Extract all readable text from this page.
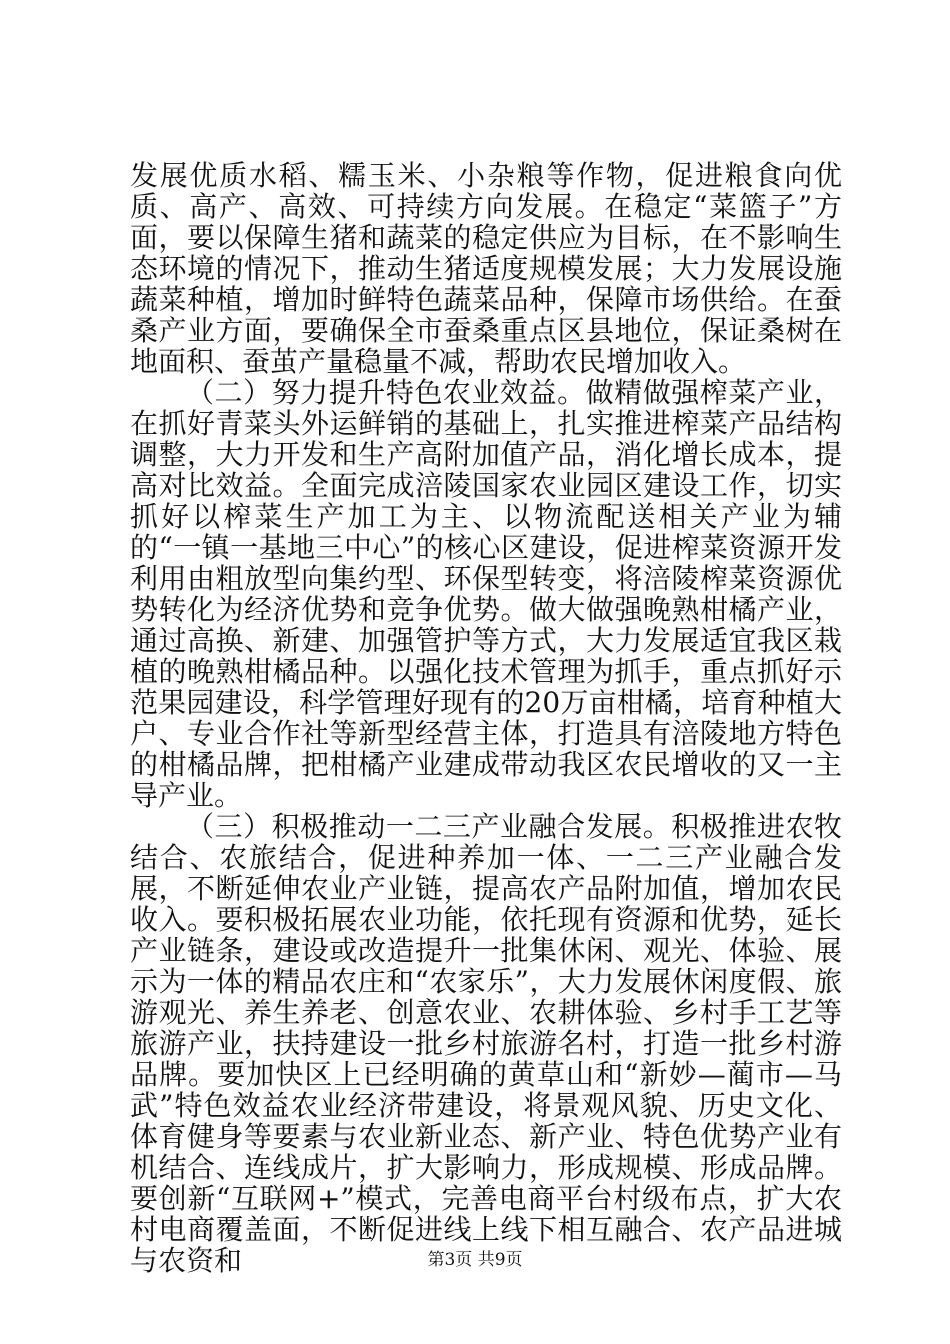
发展优质水稻、糯玉米、小杂粮等作物，促进粮食向优质、高产、高效、可持续方向发展。在稳定“菜篮子”方面，要以保障生猪和蔬菜的稳定供应为目标，在不影响生态环境的情况下，推动生猪适度规模发展；大力发展设施蔬菜种植，增加时鲜特色蔬菜品种，保障市场供给。在蚕桑产业方面，要确保全市蚕桑重点区县地位，保证桑树在地面积、蚕茧产量稳量不减，帮助农民增加收入。

（二）努力提升特色农业效益。做精做强榨菜产业，在抓好青菜头外运鲜销的基础上，扎实推进榨菜产品结构调整，大力开发和生产高附加值产品，消化增长成本，提高对比效益。全面完成涪陵国家农业园区建设工作，切实抓好以榨菜生产加工为主、以物流配送相关产业为辅的“一镇一基地三中心”的核心区建设，促进榨菜资源开发利用由粗放型向集约型、环保型转变，将涪陵榨菜资源优势转化为经济优势和竞争优势。做大做强晚熟柑橘产业，通过高换、新建、加强管护等方式，大力发展适宜我区栽植的晚熟柑橘品种。以强化技术管理为抓手，重点抓好示范果园建设，科学管理好现有的20万亩柑橘，培育种植大户、专业合作社等新型经营主体，打造具有涪陵地方特色的柑橘品牌，把柑橘产业建成带动我区农民增收的又一主导产业。

（三）积极推动一二三产业融合发展。积极推进农牧结合、农旅结合，促进种养加一体、一二三产业融合发展，不断延伸农业产业链，提高农产品附加值，增加农民收入。要积极拓展农业功能，依托现有资源和优势，延长产业链条，建设或改造提升一批集休闲、观光、体验、展示为一体的精品农庄和“农家乐”，大力发展休闲度假、旅游观光、养生养老、创意农业、农耕体验、乡村手工艺等旅游产业，扶持建设一批乡村旅游名村，打造一批乡村游品牌。要加快区上已经明确的黄草山和“新妙—蔺市—马武”特色效益农业经济带建设，将景观风貌、历史文化、体育健身等要素与农业新业态、新产业、特色优势产业有机结合、连线成片，扩大影响力，形成规模、形成品牌。要创新“互联网+”模式，完善电商平台村级布点，扩大农村电商覆盖面，不断促进线上线下相互融合、农产品进城与农资和	第3页 共9页
